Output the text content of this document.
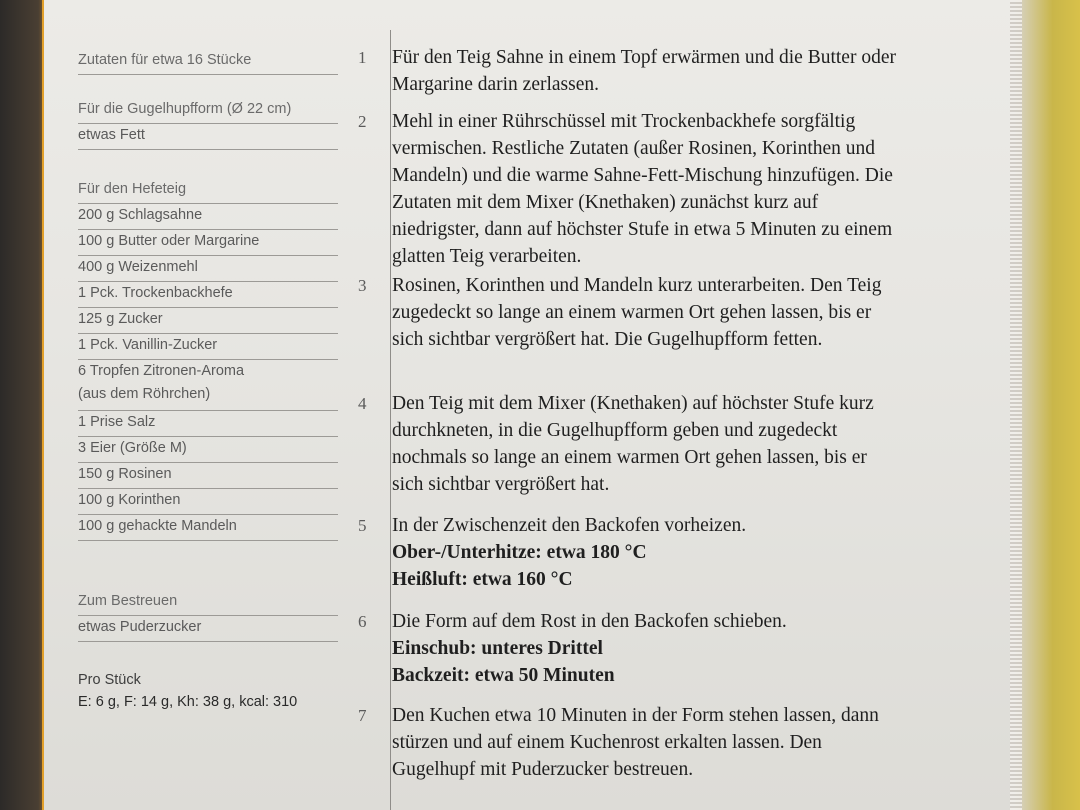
Zutaten für etwa 16 Stücke
Für die Gugelhupfform (Ø 22 cm)
etwas Fett
Für den Hefeteig
200 g Schlagsahne
100 g Butter oder Margarine
400 g Weizenmehl
1 Pck. Trockenbackhefe
125 g Zucker
1 Pck. Vanillin-Zucker
6 Tropfen Zitronen-Aroma
(aus dem Röhrchen)
1 Prise Salz
3 Eier (Größe M)
150 g Rosinen
100 g Korinthen
100 g gehackte Mandeln
Zum Bestreuen
etwas Puderzucker
Pro Stück
E: 6 g, F: 14 g, Kh: 38 g, kcal: 310
1	Für den Teig Sahne in einem Topf erwärmen und die Butter oder Margarine darin zerlassen.
2	Mehl in einer Rührschüssel mit Trockenbackhefe sorgfältig vermischen. Restliche Zutaten (außer Rosinen, Korinthen und Mandeln) und die warme Sahne-Fett-Mischung hinzufügen. Die Zutaten mit dem Mixer (Knethaken) zunächst kurz auf niedrigster, dann auf höchster Stufe in etwa 5 Minuten zu einem glatten Teig verarbeiten.
3	Rosinen, Korinthen und Mandeln kurz unterarbeiten. Den Teig zugedeckt so lange an einem warmen Ort gehen lassen, bis er sich sichtbar vergrößert hat. Die Gugelhupfform fetten.
4	Den Teig mit dem Mixer (Knethaken) auf höchster Stufe kurz durchkneten, in die Gugelhupfform geben und zugedeckt nochmals so lange an einem warmen Ort gehen lassen, bis er sich sichtbar vergrößert hat.
5	In der Zwischenzeit den Backofen vorheizen.
Ober-/Unterhitze: etwa 180 °C
Heißluft: etwa 160 °C
6	Die Form auf dem Rost in den Backofen schieben.
Einschub: unteres Drittel
Backzeit: etwa 50 Minuten
7	Den Kuchen etwa 10 Minuten in der Form stehen lassen, dann stürzen und auf einem Kuchenrost erkalten lassen. Den Gugelhupf mit Puderzucker bestreuen.
